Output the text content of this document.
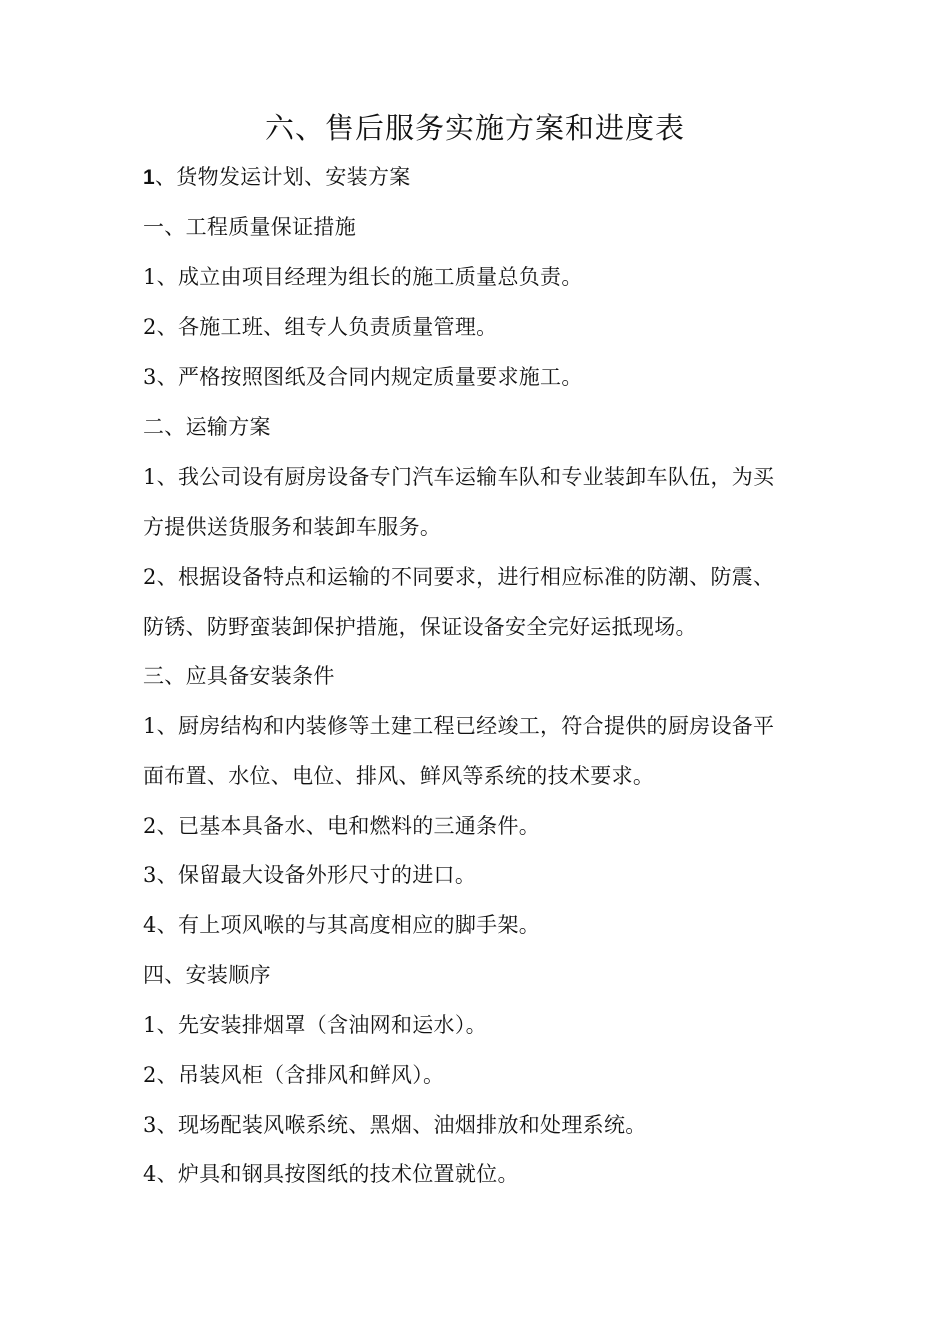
六、售后服务实施方案和进度表
1、货物发运计划、安装方案
一、工程质量保证措施
1、成立由项目经理为组长的施工质量总负责。
2、各施工班、组专人负责质量管理。
3、严格按照图纸及合同内规定质量要求施工。
二、运输方案
1、我公司设有厨房设备专门汽车运输车队和专业装卸车队伍，为买
方提供送货服务和装卸车服务。
2、根据设备特点和运输的不同要求，进行相应标准的防潮、防震、
防锈、防野蛮装卸保护措施，保证设备安全完好运抵现场。
三、应具备安装条件
1、厨房结构和内装修等土建工程已经竣工，符合提供的厨房设备平
面布置、水位、电位、排风、鲜风等系统的技术要求。
2、已基本具备水、电和燃料的三通条件。
3、保留最大设备外形尺寸的进口。
4、有上项风喉的与其高度相应的脚手架。
四、安装顺序
1、先安装排烟罩（含油网和运水）。
2、吊装风柜（含排风和鲜风）。
3、现场配装风喉系统、黑烟、油烟排放和处理系统。
4、炉具和钢具按图纸的技术位置就位。
